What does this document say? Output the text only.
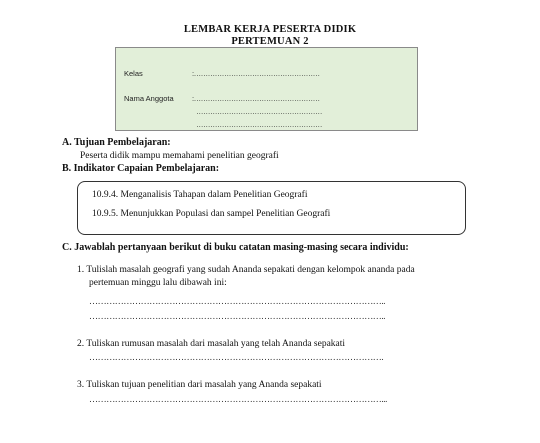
LEMBAR KERJA PESERTA DIDIK
PERTEMUAN 2
Kelas	:………………………………………………
Nama Anggota :………………………………………………
………………………………………………
………………………………………………
A. Tujuan Pembelajaran:
Peserta didik mampu memahami penelitian geografi
B. Indikator Capaian Pembelajaran:
10.9.4. Menganalisis Tahapan dalam Penelitian Geografi
10.9.5. Menunjukkan Populasi dan sampel Penelitian Geografi
C. Jawablah pertanyaan berikut di buku catatan masing-masing secara individu:
1. Tulislah masalah geografi yang sudah Ananda sepakati dengan kelompok ananda pada
pertemuan minggu lalu dibawah ini:
…………………………………………………………………………………………..
…………………………………………………………………………………………..
2. Tuliskan rumusan masalah dari masalah yang telah Ananda sepakati
………………………………………………………………………………………….
3. Tuliskan tujuan penelitian dari masalah yang Ananda sepakati
…………………………………………………………………………………………...
